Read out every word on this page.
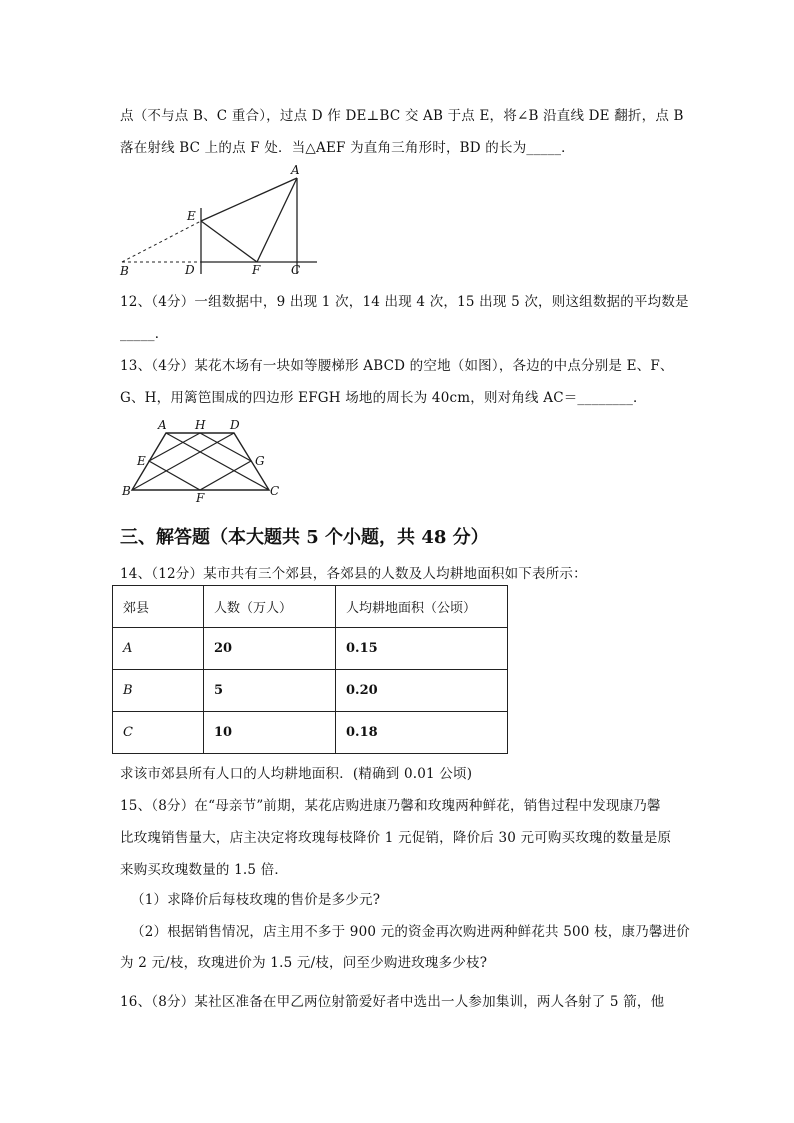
点（不与点 B、C 重合），过点 D 作 DE⊥BC 交 AB 于点 E，将∠B 沿直线 DE 翻折，点 B
落在射线 BC 上的点 F 处．当△AEF 为直角三角形时，BD 的长为_____．
A
E
B	D	F	C
12、（4分）一组数据中，9 出现 1 次，14 出现 4 次，15 出现 5 次，则这组数据的平均数是
_____．
13、（4分）某花木场有一块如等腰梯形 ABCD 的空地（如图），各边的中点分别是 E、F、
G、H，用篱笆围成的四边形 EFGH 场地的周长为 40cm，则对角线 AC＝________．
A H D
E	G
B	F	C
三、解答题（本大题共 5 个小题，共 48 分）
14、（12分）某市共有三个郊县，各郊县的人数及人均耕地面积如下表所示：
郊县	人数（万人）	人均耕地面积（公顷）
A	20	0.15
B	5	0.20
C	10	0.18
求该市郊县所有人口的人均耕地面积．(精确到 0.01 公顷)
15、（8分）在“母亲节”前期，某花店购进康乃馨和玫瑰两种鲜花，销售过程中发现康乃馨
比玫瑰销售量大，店主决定将玫瑰每枝降价 1 元促销，降价后 30 元可购买玫瑰的数量是原
来购买玫瑰数量的 1.5 倍．
（1）求降价后每枝玫瑰的售价是多少元?
（2）根据销售情况，店主用不多于 900 元的资金再次购进两种鲜花共 500 枝，康乃馨进价
为 2 元/枝，玫瑰进价为 1.5 元/枝，问至少购进玫瑰多少枝?
16、（8分）某社区准备在甲乙两位射箭爱好者中选出一人参加集训，两人各射了 5 箭，他
